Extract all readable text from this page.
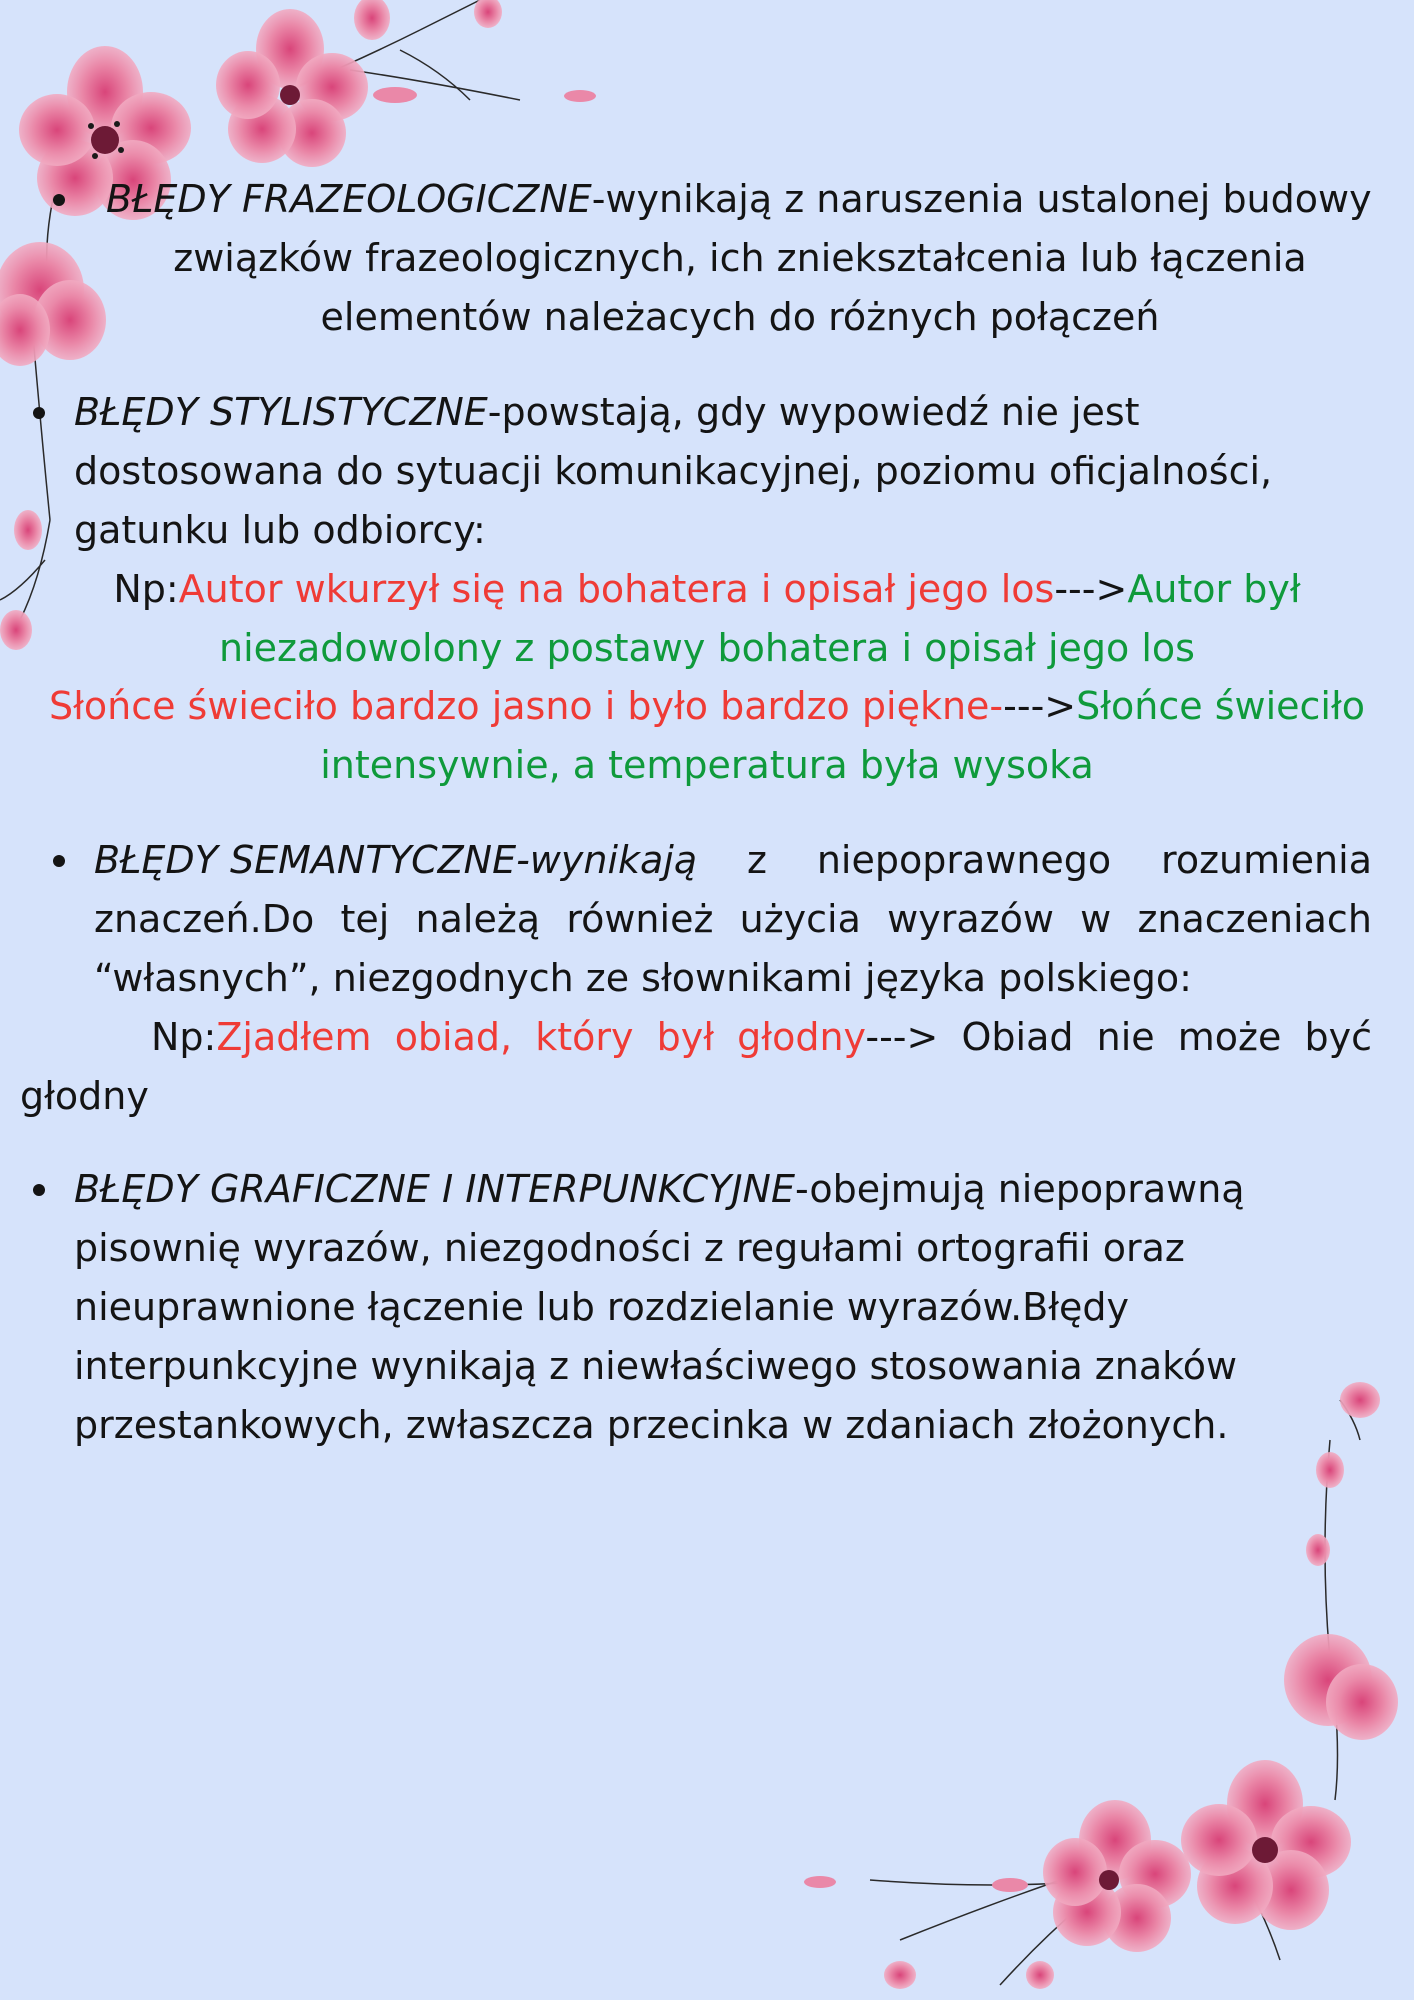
BŁĘDY FRAZEOLOGICZNE-wynikają z naruszenia ustalonej budowy
związków frazeologicznych, ich zniekształcenia lub łączenia
elementów należacych do różnych połączeń
BŁĘDY STYLISTYCZNE-powstają, gdy wypowiedź nie jest
dostosowana do sytuacji komunikacyjnej, poziomu oficjalności,
gatunku lub odbiorcy:
Np:Autor wkurzył się na bohatera i opisał jego los--->Autor był
niezadowolony z postawy bohatera i opisał jego los
Słońce świeciło bardzo jasno i było bardzo piękne---->Słońce świeciło
intensywnie, a temperatura była wysoka
BŁĘDY SEMANTYCZNE-wynikają z niepoprawnego rozumienia
znaczeń.Do tej należą również użycia wyrazów w znaczeniach
“własnych”, niezgodnych ze słownikami języka polskiego:
Np:Zjadłem obiad, który był głodny---> Obiad nie może być
głodny
BŁĘDY GRAFICZNE I INTERPUNKCYJNE-obejmują niepoprawną
pisownię wyrazów, niezgodności z regułami ortografii oraz
nieuprawnione łączenie lub rozdzielanie wyrazów.Błędy
interpunkcyjne wynikają z niewłaściwego stosowania znaków
przestankowych, zwłaszcza przecinka w zdaniach złożonych.
